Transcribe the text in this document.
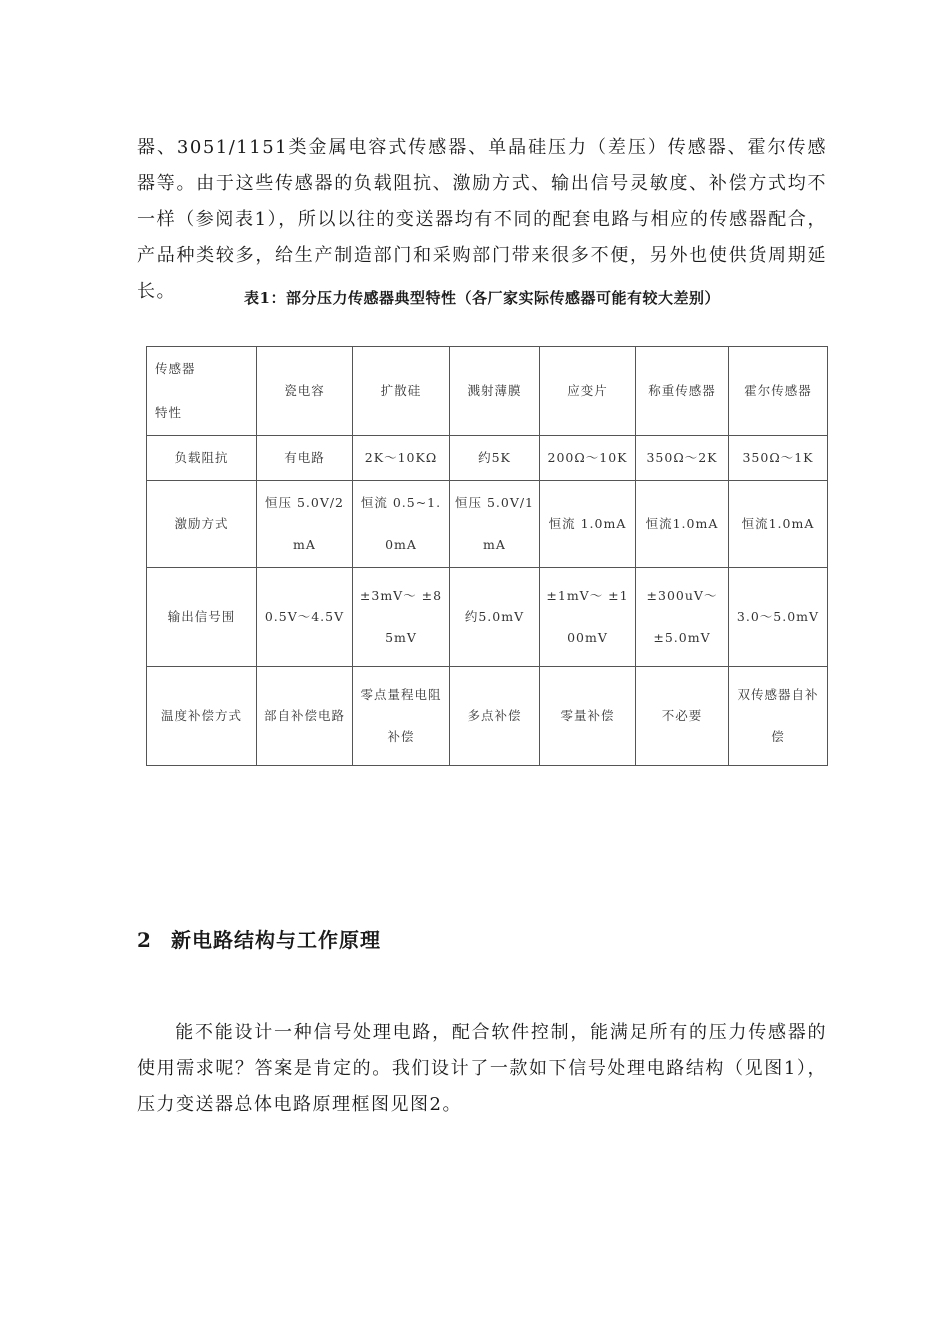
器、3051/1151类金属电容式传感器、单晶硅压力（差压）传感器、霍尔传感器等。由于这些传感器的负载阻抗、激励方式、输出信号灵敏度、补偿方式均不一样（参阅表1），所以以往的变送器均有不同的配套电路与相应的传感器配合，产品种类较多，给生产制造部门和采购部门带来很多不便，另外也使供货周期延长。	表1：部分压力传感器典型特性（各厂家实际传感器可能有较大差别）

传感器
特性	瓷电容	扩散硅	溅射薄膜	应变片	称重传感器	霍尔传感器
负载阻抗	有电路	2K～10KΩ	约5K	200Ω～10K	350Ω～2K	350Ω～1K
激励方式	恒压 5.0V/2mA	恒流 0.5~1.0mA	恒压 5.0V/1mA	恒流 1.0mA	恒流1.0mA	恒流1.0mA
输出信号围	0.5V～4.5V	±3mV～ ±85mV	约5.0mV	±1mV～ ±100mV	±300uV～ ±5.0mV	3.0～5.0mV
温度补偿方式	部自补偿电路	零点量程电阻补偿	多点补偿	零量补偿	不必要	双传感器自补偿
2 新电路结构与工作原理

能不能设计一种信号处理电路，配合软件控制，能满足所有的压力传感器的使用需求呢？答案是肯定的。我们设计了一款如下信号处理电路结构（见图1），压力变送器总体电路原理框图见图2。
